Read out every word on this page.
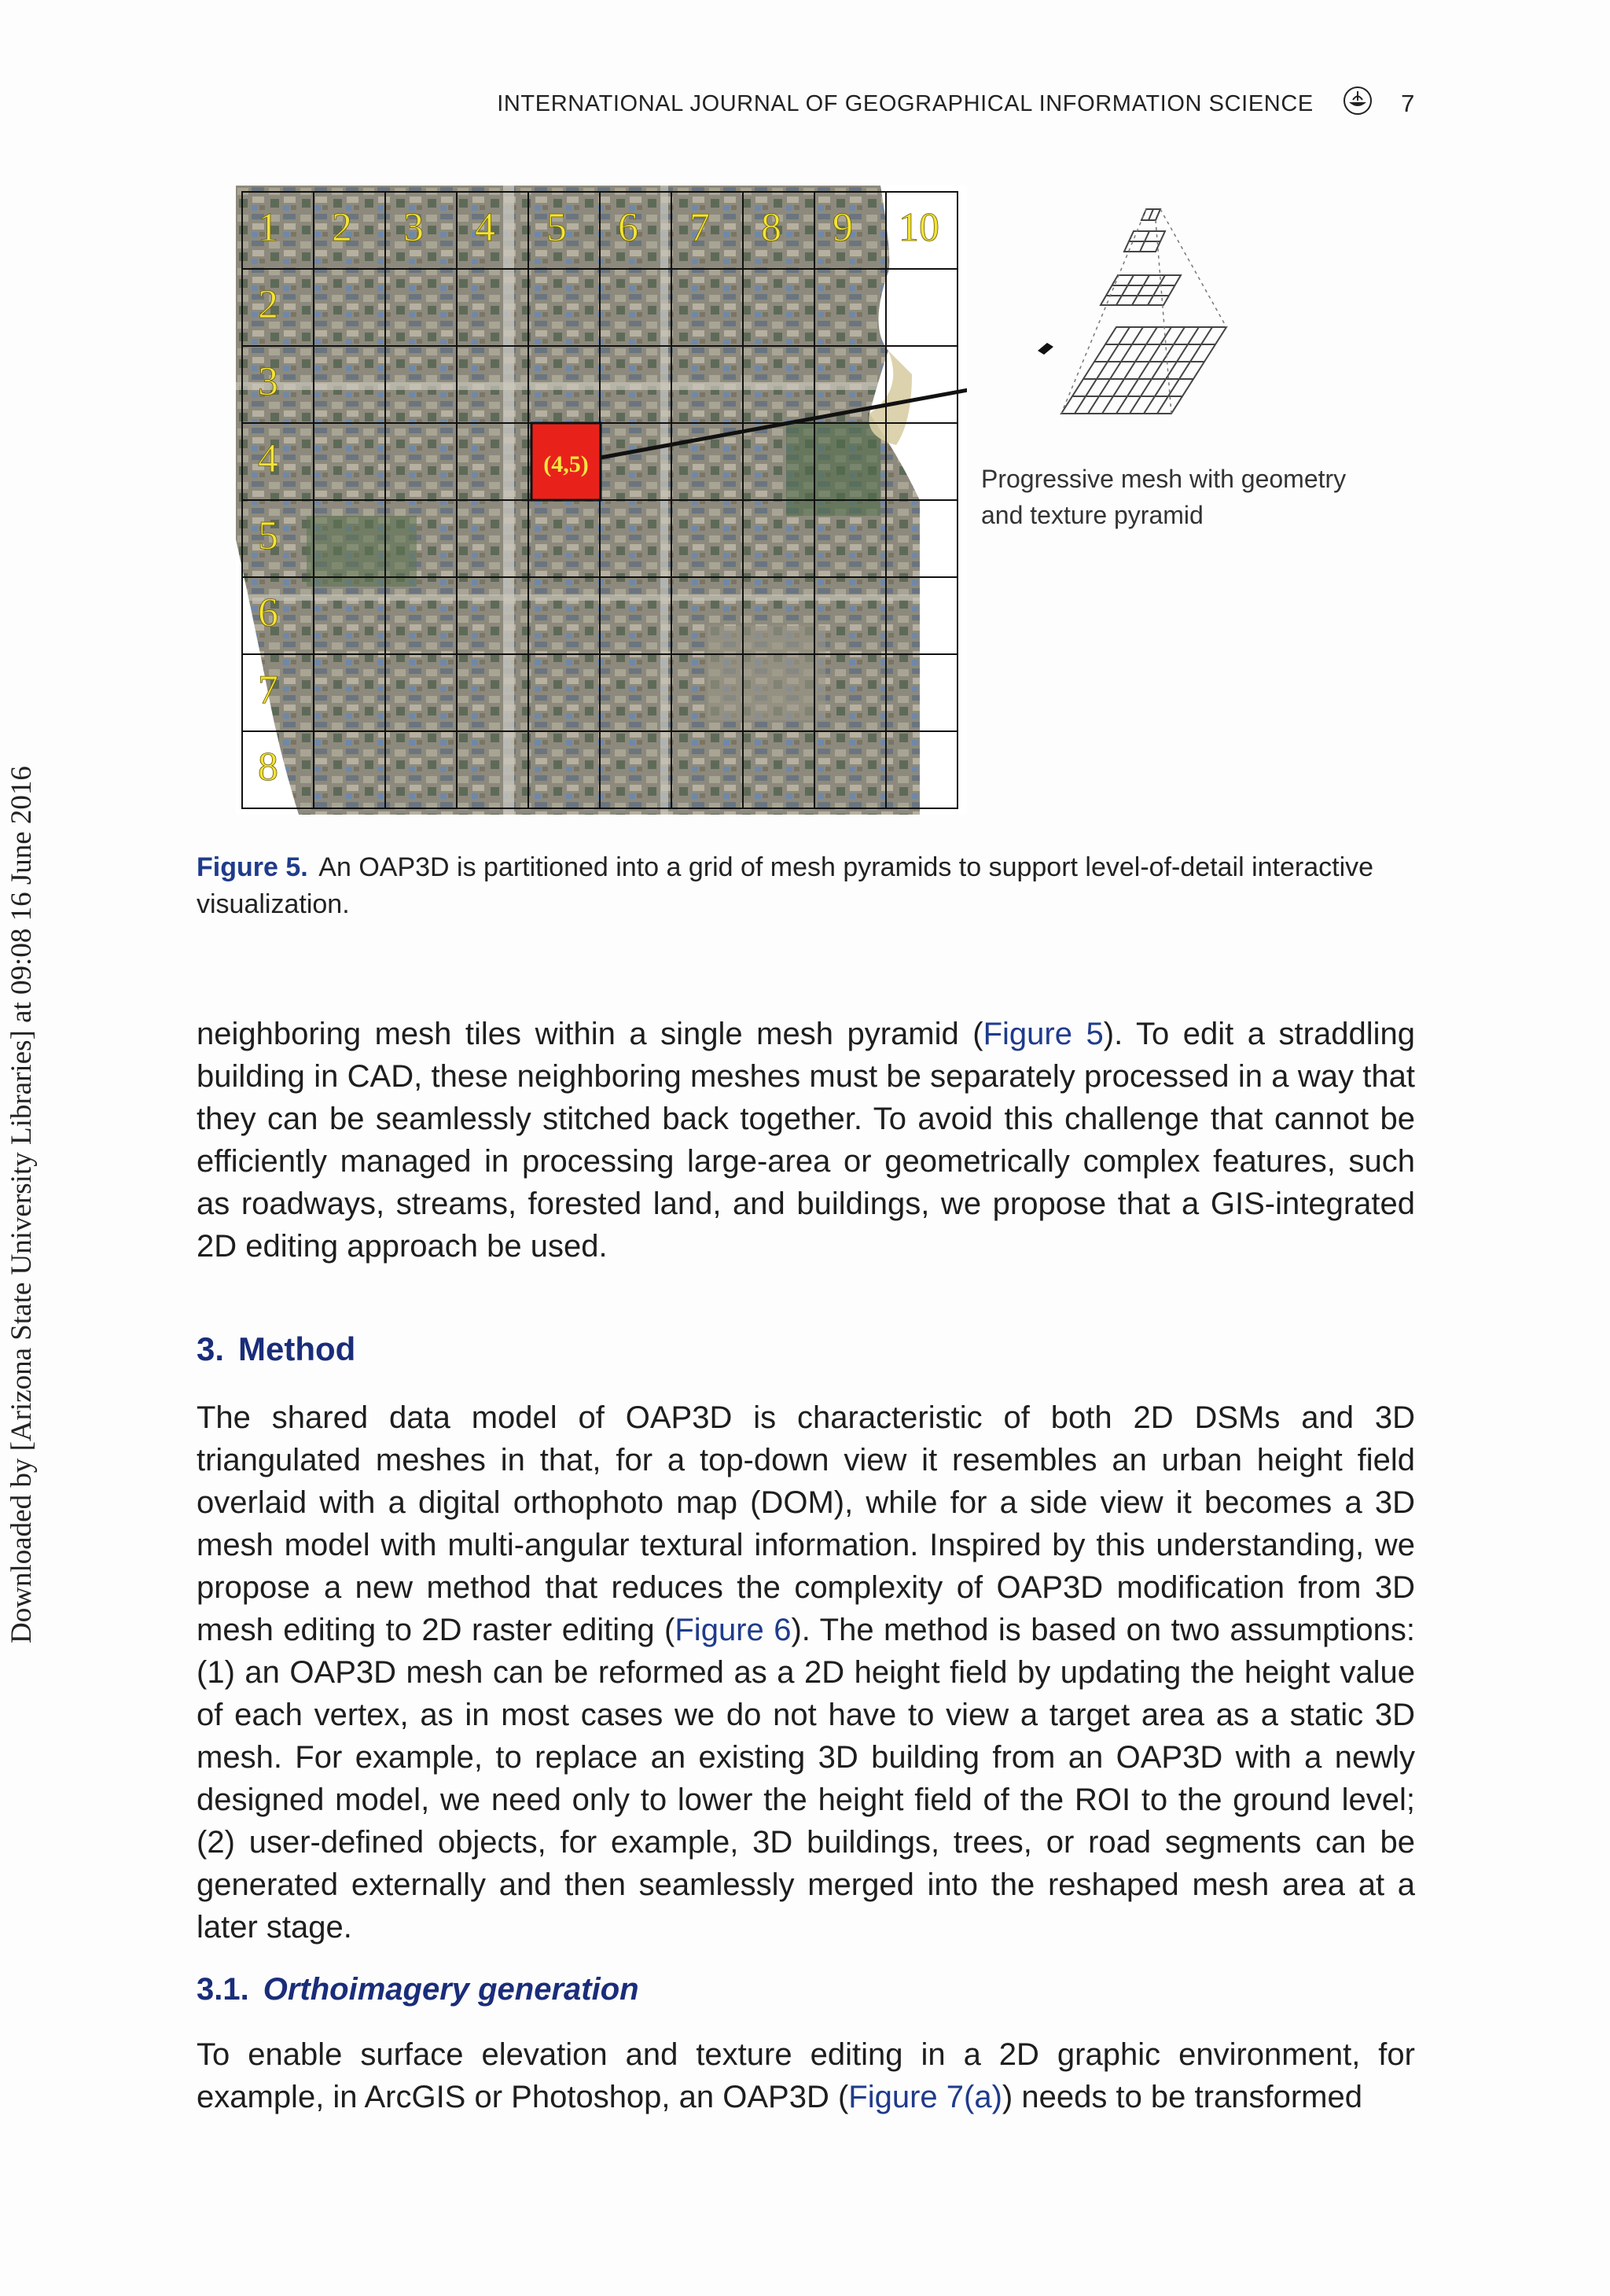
INTERNATIONAL JOURNAL OF GEOGRAPHICAL INFORMATION SCIENCE	7
Downloaded by [Arizona State University Libraries] at 09:08 16 June 2016
1 2 3 4 5 6 7 8 9 10
2
3
4
5
6
7
8
(4,5)
Progressive mesh with geometry
and texture pyramid
Figure 5. An OAP3D is partitioned into a grid of mesh pyramids to support level-of-detail interactive visualization.
neighboring mesh tiles within a single mesh pyramid (Figure 5). To edit a straddling building in CAD, these neighboring meshes must be separately processed in a way that they can be seamlessly stitched back together. To avoid this challenge that cannot be efficiently managed in processing large-area or geometrically complex features, such as roadways, streams, forested land, and buildings, we propose that a GIS-integrated 2D editing approach be used.
3. Method
The shared data model of OAP3D is characteristic of both 2D DSMs and 3D triangulated meshes in that, for a top-down view it resembles an urban height field overlaid with a digital orthophoto map (DOM), while for a side view it becomes a 3D mesh model with multi-angular textural information. Inspired by this understanding, we propose a new method that reduces the complexity of OAP3D modification from 3D mesh editing to 2D raster editing (Figure 6). The method is based on two assumptions: (1) an OAP3D mesh can be reformed as a 2D height field by updating the height value of each vertex, as in most cases we do not have to view a target area as a static 3D mesh. For example, to replace an existing 3D building from an OAP3D with a newly designed model, we need only to lower the height field of the ROI to the ground level; (2) user-defined objects, for example, 3D buildings, trees, or road segments can be generated externally and then seamlessly merged into the reshaped mesh area at a later stage.
3.1. Orthoimagery generation
To enable surface elevation and texture editing in a 2D graphic environment, for example, in ArcGIS or Photoshop, an OAP3D (Figure 7(a)) needs to be transformed
